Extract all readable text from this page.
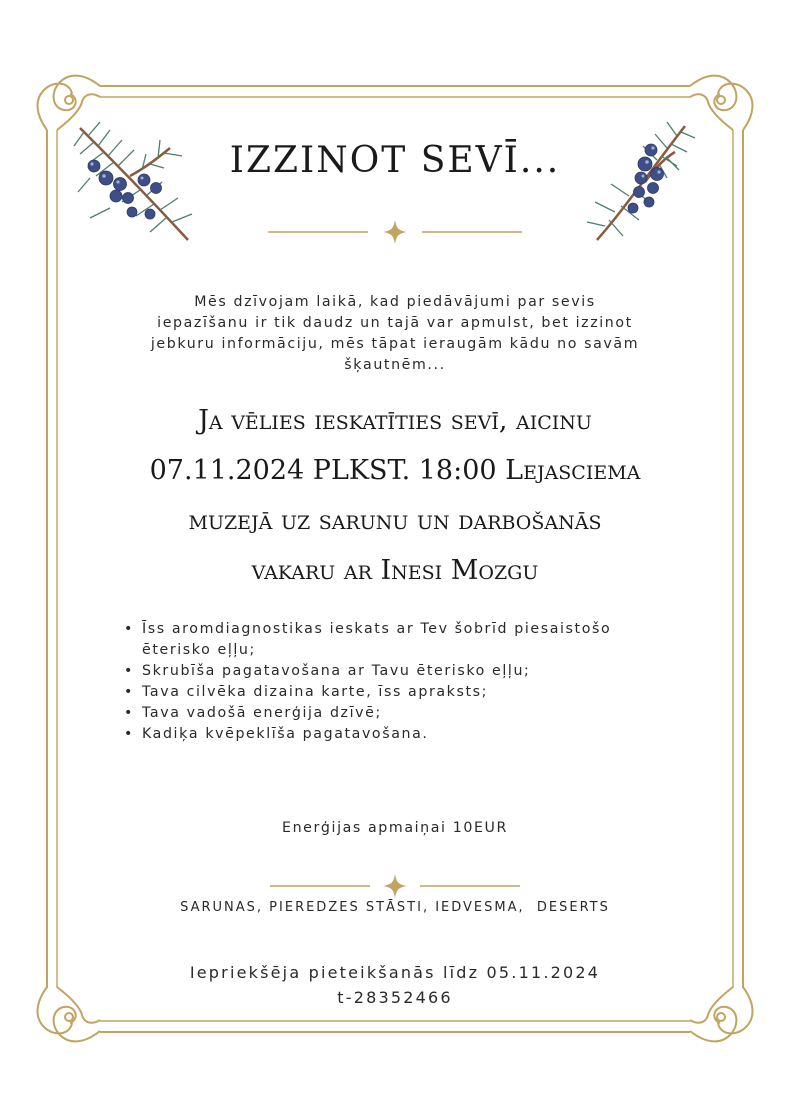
IZZINOT SEVĪ...
Mēs dzīvojam laikā, kad piedāvājumi par sevis iepazīšanu ir tik daudz un tajā var apmulst, bet izzinot jebkuru informāciju, mēs tāpat ieraugām kādu no savām šķautnēm...
Ja vēlies ieskatīties sevī, aicinu
07.11.2024 PLKST. 18:00 Lejasciema
muzejā uz sarunu un darbošanās
vakaru ar Inesi Mozgu
• Īss aromdiagnostikas ieskats ar Tev šobrīd piesaistošo ēterisko eļļu;
• Skrubīša pagatavošana ar Tavu ēterisko eļļu;
• Tava cilvēka dizaina karte, īss apraksts;
• Tava vadošā enerģija dzīvē;
• Kadiķa kvēpeklīša pagatavošana.
Enerģijas apmaiņai 10EUR
SARUNAS, PIEREDZES STĀSTI, IEDVESMA,  DESERTS
Iepriekšēja pieteikšanās līdz 05.11.2024
t-28352466
